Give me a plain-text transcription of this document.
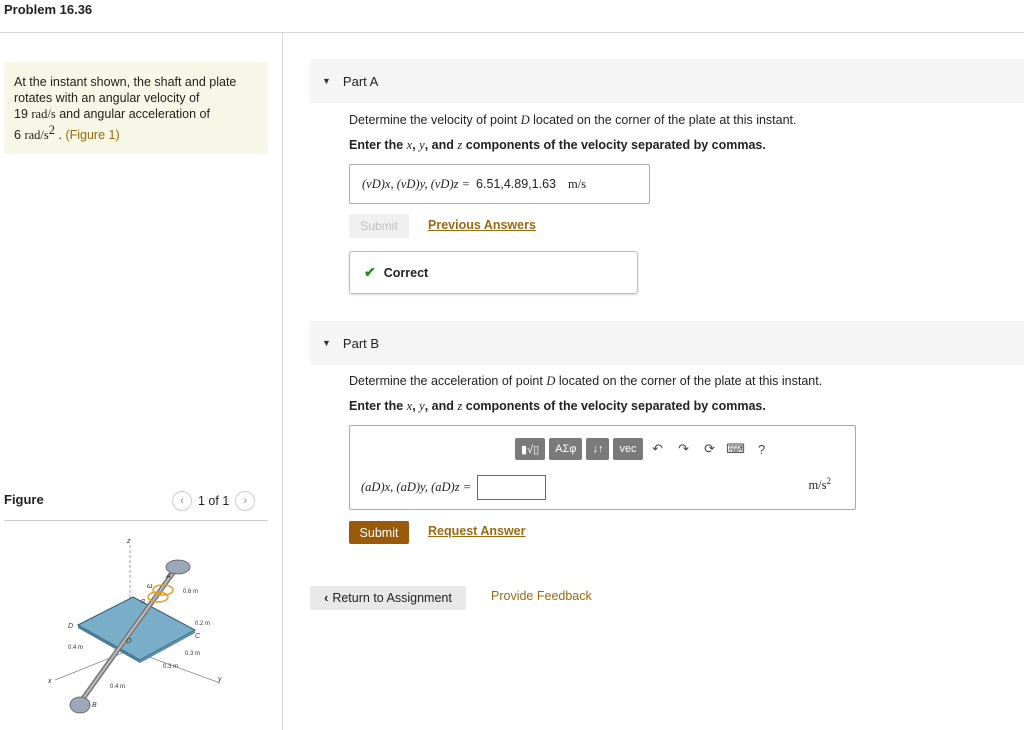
Problem 16.36
At the instant shown, the shaft and plate
rotates with an angular velocity of
19 rad/s and angular acceleration of
6 rad/$s^2$ . (Figure 1)
Figure	‹	1 of 1	›
z
ω
α
A
0.6 m
0.2 m
D
C
O
0.4 m
0.3 m
0.3 m
x	y
0.4 m
B
▼ Part A
Determine the velocity of point D located on the corner of the plate at this instant.
Enter the x, y, and z components of the velocity separated by commas.
(vD)x, (vD)y, (vD)z = 6.51,4.89,1.63 m/s
Submit	Previous Answers
✔ Correct
▼ Part B
Determine the acceleration of point D located on the corner of the plate at this instant.
Enter the x, y, and z components of the velocity separated by commas.
▮√▯	ΑΣφ	↓↑	vec	↶	↷	⟳ ⌨	?
(aD)x, (aD)y, (aD)z =	$m/s^2$
Submit	Request Answer
‹ Return to Assignment	Provide Feedback
